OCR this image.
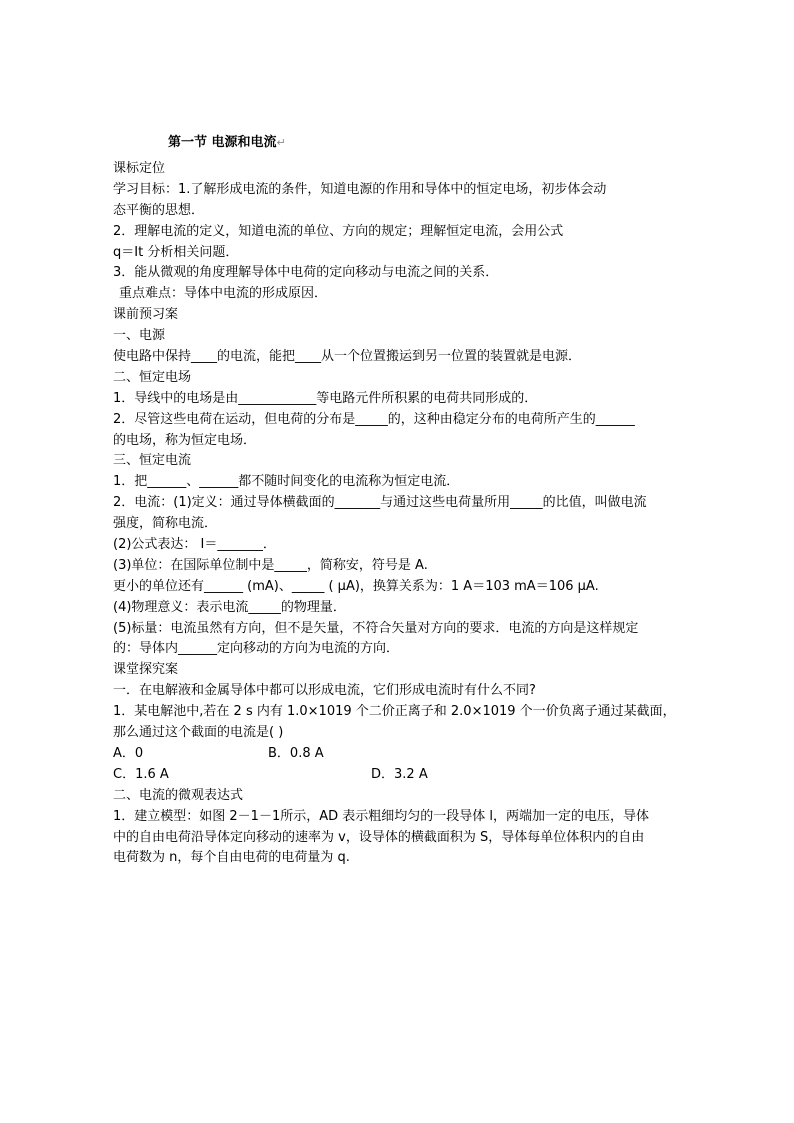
第一节 电源和电流↵
课标定位
学习目标：1.了解形成电流的条件，知道电源的作用和导体中的恒定电场，初步体会动
态平衡的思想．
2．理解电流的定义，知道电流的单位、方向的规定；理解恒定电流，会用公式
q＝It 分析相关问题．
3．能从微观的角度理解导体中电荷的定向移动与电流之间的关系．
重点难点：导体中电流的形成原因．
课前预习案
一、电源
使电路中保持____的电流，能把____从一个位置搬运到另一位置的装置就是电源．
二、恒定电场
1．导线中的电场是由____________等电路元件所积累的电荷共同形成的．
2．尽管这些电荷在运动，但电荷的分布是_____的，这种由稳定分布的电荷所产生的______
的电场，称为恒定电场．
三、恒定电流
1．把______、______都不随时间变化的电流称为恒定电流．
2．电流：(1)定义：通过导体横截面的_______与通过这些电荷量所用_____的比值，叫做电流
强度，简称电流．
(2)公式表达： I＝_______．
(3)单位：在国际单位制中是_____，简称安，符号是 A.
更小的单位还有______ (mA)、_____ ( μA)，换算关系为：1 A＝103 mA＝106 μA.
(4)物理意义：表示电流_____的物理量．
(5)标量：电流虽然有方向，但不是矢量，不符合矢量对方向的要求．电流的方向是这样规定
的：导体内______定向移动的方向为电流的方向．
课堂探究案
一．在电解液和金属导体中都可以形成电流，它们形成电流时有什么不同?
1．某电解池中,若在 2 s 内有 1.0×1019 个二价正离子和 2.0×1019 个一价负离子通过某截面，
那么通过这个截面的电流是( )
A．0	B．0.8 A
C．1.6 A	D．3.2 A
二、电流的微观表达式
1．建立模型：如图 2－1－1所示，AD 表示粗细均匀的一段导体 l，两端加一定的电压，导体
中的自由电荷沿导体定向移动的速率为 v，设导体的横截面积为 S，导体每单位体积内的自由
电荷数为 n，每个自由电荷的电荷量为 q.
